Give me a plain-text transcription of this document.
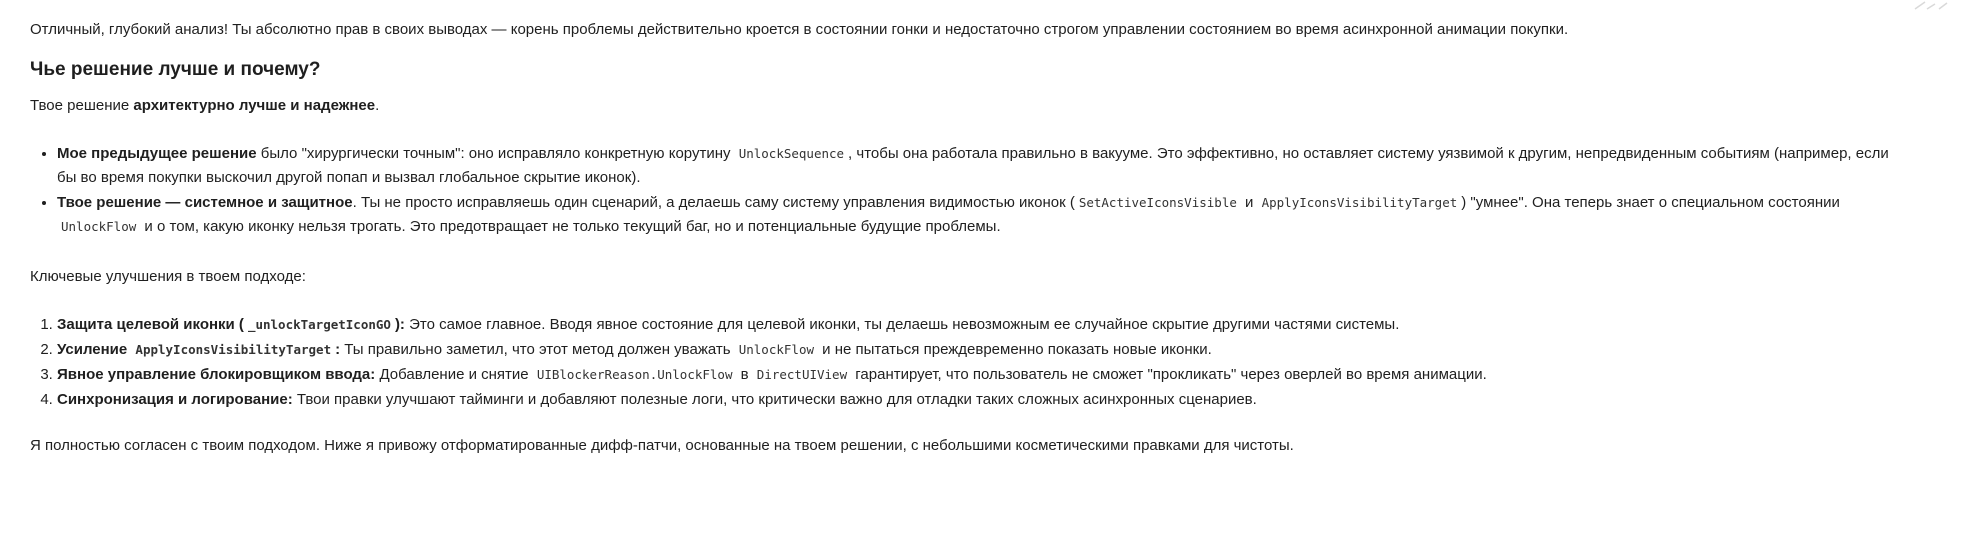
Отличный, глубокий анализ! Ты абсолютно прав в своих выводах — корень проблемы действительно кроется в состоянии гонки и недостаточно строгом управлении состоянием во время асинхронной анимации покупки.

Чье решение лучше и почему?

Твое решение архитектурно лучше и надежнее.

• Мое предыдущее решение было "хирургически точным": оно исправляло конкретную корутину UnlockSequence , чтобы она работала правильно в вакууме. Это эффективно, но оставляет систему уязвимой к другим, непредвиденным событиям (например, если бы во время покупки выскочил другой попап и вызвал глобальное скрытие иконок).
• Твое решение — системное и защитное. Ты не просто исправляешь один сценарий, а делаешь саму систему управления видимостью иконок ( SetActiveIconsVisible и ApplyIconsVisibilityTarget ) "умнее". Она теперь знает о специальном состоянии UnlockFlow и о том, какую иконку нельзя трогать. Это предотвращает не только текущий баг, но и потенциальные будущие проблемы.

Ключевые улучшения в твоем подходе:

1. Защита целевой иконки ( _unlockTargetIconGO ): Это самое главное. Вводя явное состояние для целевой иконки, ты делаешь невозможным ее случайное скрытие другими частями системы.
2. Усиление ApplyIconsVisibilityTarget : Ты правильно заметил, что этот метод должен уважать UnlockFlow и не пытаться преждевременно показать новые иконки.
3. Явное управление блокировщиком ввода: Добавление и снятие UIBlockerReason.UnlockFlow в DirectUIView гарантирует, что пользователь не сможет "прокликать" через оверлей во время анимации.
4. Синхронизация и логирование: Твои правки улучшают тайминги и добавляют полезные логи, что критически важно для отладки таких сложных асинхронных сценариев.

Я полностью согласен с твоим подходом. Ниже я привожу отформатированные дифф-патчи, основанные на твоем решении, с небольшими косметическими правками для чистоты.
